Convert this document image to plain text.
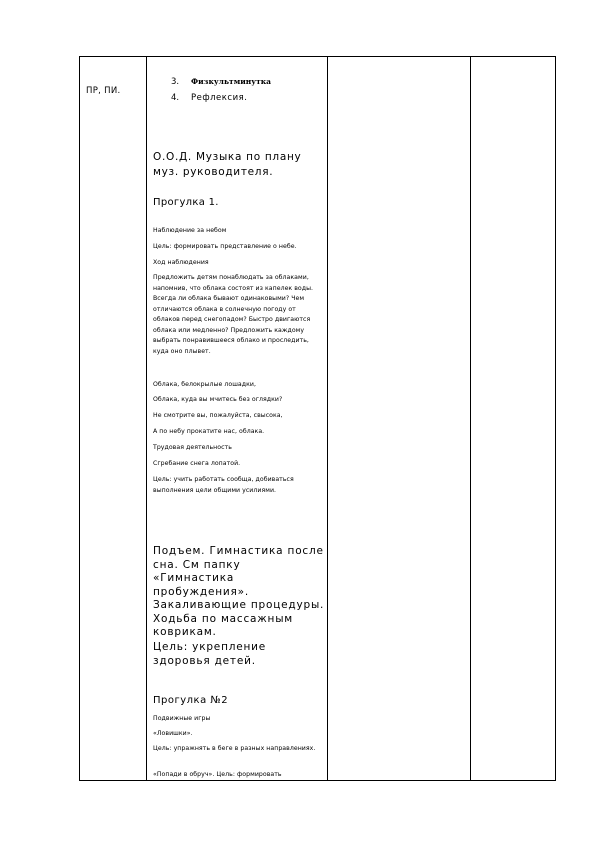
ПР, ПИ.
3. Физкультминутка
4. Рефлексия.
О.О.Д. Музыка по плану муз. руководителя.
Прогулка 1.
Наблюдение за небом
Цель: формировать представление о небе.
Ход наблюдения
Предложить детям понаблюдать за облаками, напомнив, что облака состоят из капелек воды. Всегда ли облака бывают одинаковыми? Чем отличаются облака в солнечную погоду от облаков перед снегопадом? Быстро двигаются облака или медленно? Предложить каждому выбрать понравившееся облако и проследить, куда оно плывет.
Облака, белокрылые лошадки,
Облака, куда вы мчитесь без оглядки?
Не смотрите вы, пожалуйста, свысока,
А по небу прокатите нас, облака.
Трудовая деятельность
Сгребание снега лопатой.
Цель: учить работать сообща, добиваться выполнения цели общими усилиями.
Подъем. Гимнастика после сна. См папку «Гимнастика пробуждения».
Закаливающие процедуры. Ходьба по массажным коврикам.
Цель: укрепление здоровья детей.
Прогулка №2
Подвижные игры
«Ловишки».
Цель: упражнять в беге в разных направлениях.
«Попади в обруч». Цель: формировать
